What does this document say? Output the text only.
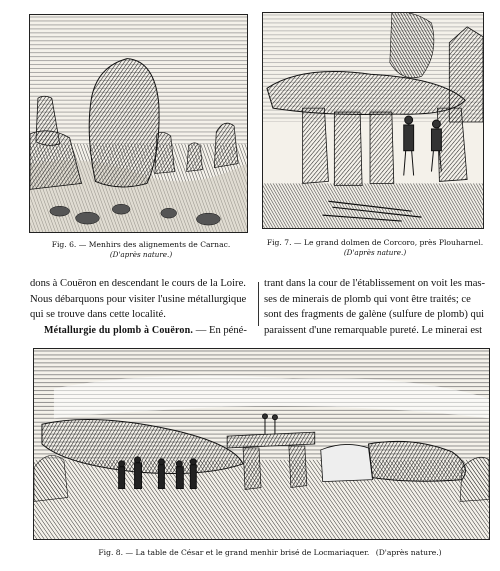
Fig. 6. — Menhirs des alignements de Carnac.
(D'après nature.)
Fig. 7. — Le grand dolmen de Corcoro, près Plouharnel.
(D'après nature.)

dons à Couëron en descendant le cours de la Loire.

Nous débarquons pour visiter l'usine métallurgique

qui se trouve dans cette localité.

Métallurgie du plomb à Couëron. — En péné-

trant dans la cour de l'établissement on voit les mas-

ses de minerais de plomb qui vont être traités; ce

sont des fragments de galène (sulfure de plomb) qui

paraissent d'une remarquable pureté. Le minerai est

Fig. 8. — La table de César et le grand menhir brisé de Locmariaquer. (D'après nature.)
